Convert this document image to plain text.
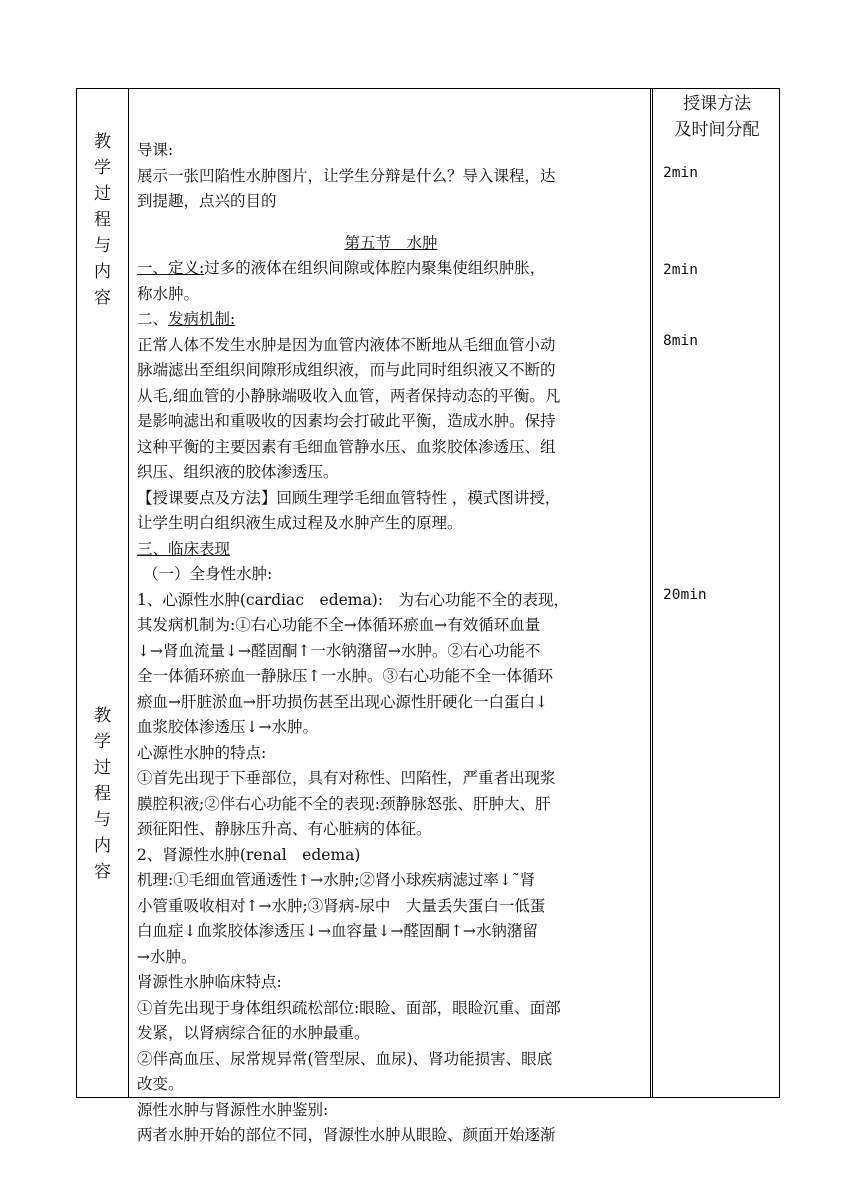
教
学
过
程
与
内
容
教
学
过
程
与
内
容
授课方法
及时间分配
2min
2min
8min
20min

导课:

展示一张凹陷性水肿图片，让学生分辩是什么？导入课程，达

到提趣，点兴的目的

第五节　水肿

一、定义:过多的液体在组织间隙或体腔内聚集使组织肿胀，

称水肿。

二、发病机制:

正常人体不发生水肿是因为血管内液体不断地从毛细血管小动

脉端滤出至组织间隙形成组织液，而与此同时组织液又不断的

从毛,细血管的小静脉端吸收入血管，两者保持动态的平衡。凡

是影响滤出和重吸收的因素均会打破此平衡，造成水肿。保持

这种平衡的主要因素有毛细血管静水压、血浆胶体渗透压、组

织压、组织液的胶体渗透压。

【授课要点及方法】回顾生理学毛细血管特性 ，模式图讲授，

让学生明白组织液生成过程及水肿产生的原理。

三、临床表现

（一）全身性水肿:

1、心源性水肿(cardiac　edema):　为右心功能不全的表现，

其发病机制为:①右心功能不全→体循环瘀血→有效循环血量

↓→肾血流量↓→醛固酮↑一水钠潴留→水肿。②右心功能不

全一体循环瘀血一静脉压↑一水肿。③右心功能不全一体循环

瘀血→肝脏淤血→肝功损伤甚至出现心源性肝硬化一白蛋白↓

血浆胶体渗透压↓→水肿。

心源性水肿的特点:

①首先出现于下垂部位，具有对称性、凹陷性，严重者出现浆

膜腔积液;②伴右心功能不全的表现:颈静脉怒张、肝肿大、肝

颈征阳性、静脉压升高、有心脏病的体征。

2、肾源性水肿(renal　edema)

机理:①毛细血管通透性↑→水肿;②肾小球疾病滤过率↓˜肾

小管重吸收相对↑→水肿;③肾病-尿中　大量丢失蛋白一低蛋

白血症↓血浆胶体渗透压↓→血容量↓→醛固酮↑→水钠潴留

→水肿。

肾源性水肿临床特点:

①首先出现于身体组织疏松部位:眼睑、面部，眼睑沉重、面部

发紧，以肾病综合征的水肿最重。

②伴高血压、尿常规异常(管型尿、血尿)、肾功能损害、眼底

改变。

源性水肿与肾源性水肿鉴别:

两者水肿开始的部位不同，肾源性水肿从眼睑、颜面开始逐渐
